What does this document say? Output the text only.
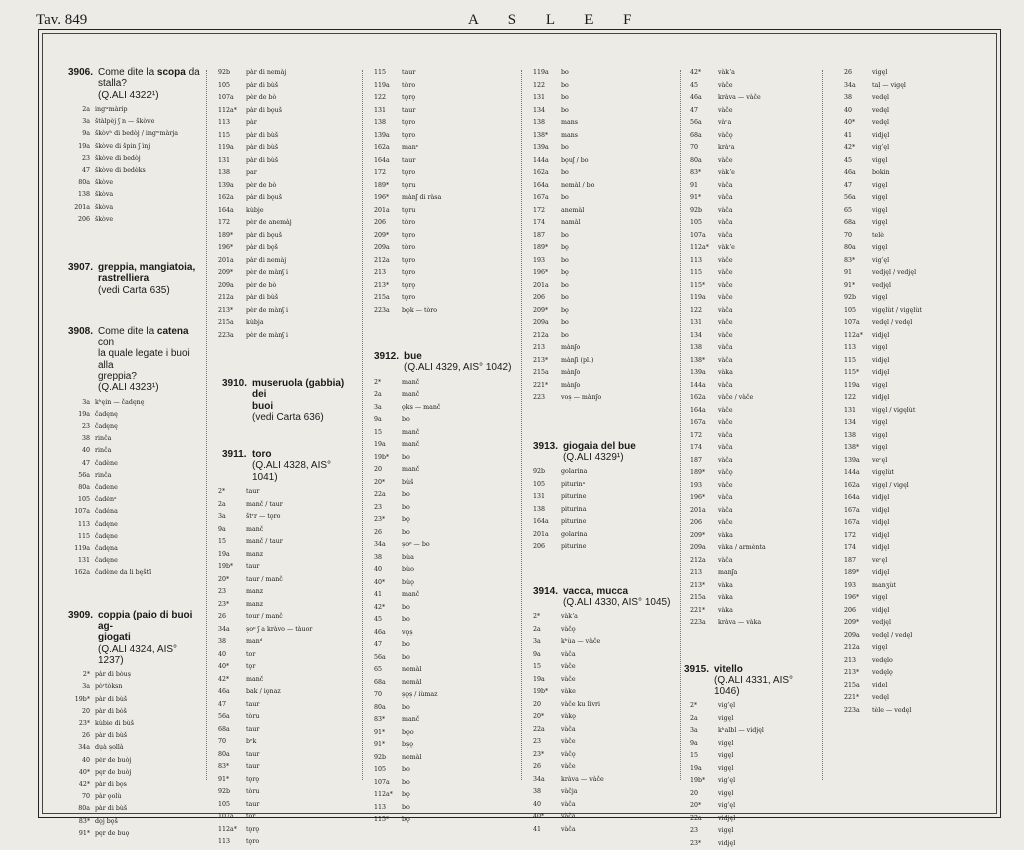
Tav. 849	A S L E F
3906. Come dite la scopa da
stalla?
(Q.ALI 4322¹)
2a ingʷmàrip
3a štàlpèj ʃ n — škòve
9a škòvʰ di bedòj / ingʷmàrja
19a škòve di špin ʃ ìnj
23 škòve di bedòj
47 škòve di bedèks
80a škòve
138 škòva
201a škòva
206 škòve
3907. greppia, mangiatoia,
rastrelliera
(vedi Carta 635)
3908. Come dite la catena con
la quale legate i buoi alla
greppia?
(Q.ALI 4323¹)
3a kʰęin — čadęnę
19a čadęnę
23 čadęnę
38 rinča
40 rinča
47 čadène
56a rinča
80a čadene
105 čadėnᵃ
107a čadéna
113 čadęne
115 čadęne
119a čadęna
131 čadęne
162a čadène da li bęštī
3909. coppia (paio di buoi ag-
giogati
(Q.ALI 4324, AIS° 1237)
2* pàr di bòuṣ
3a pòʳtòksn
19b* pàr di bùš
20 pàr di bòš
23* kùbie di bùš
26 pàr di bùš
34a dụà ṣollà
40 pėr de buòj
40* pęr de buòj
42* pàr di bǫs
70 pàr ǫolù
80a pàr di bùš
83* dǫj bǫš
91* pęr de buǫ
92b	pàr di nemàj
105	pàr di bùš
107a	pèr de bò
112a*	pàr di bǫuš
113	pàr
115	pàr di bùš
119a	pàr di bùš
131	pàr di bùš
138	par
139a	pèr de bò
162a	pàr di bǫuš
164a	kùbje
172	pèr de anemàj
189*	pàr di bǫuš
196*	pàr di bǫš
201a	pàr di nemàj
209*	pèr de mànʃ i
209a	pèr de bò
212a	pàr di bùš
213*	pèr de mànʃ i
215a	kùbja
223a	pèr de mànʃ i
3910. museruola (gabbia) dei
buoi
(vedi Carta 636)
3911. toro
(Q.ALI 4328, AIS° 1041)
2*	taur
2a	manč / taur
3a	štʳr — tǫro
9a	manč
15	manč / taur
19a	manz
19b*	taur
20*	taur / manč
23	manz
23*	manz
26	tour / manč
34a	ṣoᵖ ʃ a kràvo — tàuor
38	manᵈ
40	tor
40*	tǫr
42*	manč
46a	bak / iǫnaz
47	taur
56a	tòru
68a	taur
70	bᵉk
80a	taur
83*	taur
91*	tǫrǫ
92b	tòru
105	taur
107a	tor
112a*	tǫrǫ
113	tǫro
115	taur
119a	tòro
122	tǫrǫ
131	taur
138	tǫro
139a	tǫro
162a	manᵉ
164a	taur
172	tǫro
189*	tǫru
196*	mànʃ di ràsa
201a	tǫru
206	tòro
209*	tǫro
209a	tòro
212a	tǫro
213	tǫro
213*	tǫrǫ
215a	tǫro
223a	bǫk — tòro
3912. bue
(Q.ALI 4329, AIS° 1042)
2*	manč
2a	manč
3a	ǫks — manč
9a	bo
15	manč
19a	manč
19b*	bo
20	manč
20*	bùš
22a	bo
23	bo
23*	bǫ
26	bo
34a	ṣoᵖ — bo
38	bùa
40	bùo
40*	bùǫ
41	manč
42*	bo
45	bo
46a	vǫṣ
47	bo
56a	bo
65	nemàl
68a	nemàl
70	ṣǫṣ / iùmaz
80a	bo
83*	manč
91*	bǫo
91*	bṣǫ
92b	nemàl
105	bo
107a	bo
112a*	bǫ
113	bo
115*	bǫ
119a	bo
122	bo
131	bo
134	bo
138	mans
138*	mans
139a	bo
144a	bǫuʃ / bo
162a	bo
164a	nemàl / bo
167a	bo
172	anemàl
174	namàl
187	bo
189*	bǫ
193	bo
196*	bǫ
201a	bo
206	bo
209*	bǫ
209a	bo
212a	bo
213	mànʃo
213*	mànʃi (pl.)
215a	mànʃo
221*	mànʃo
223	voṣ — mànʃo
3913. giogaia del bue
(Q.ALI 4329¹)
92b	golarina
105	piturinᵃ
131	piturine
138	piturina
164a	piturine
201a	golarina
206	piturine
3914. vacca, mucca
(Q.ALI 4330, AIS° 1045)
2*	vàkʼa
2a	vàčǫ
3a	kʰùa — vàče
9a	vàča
15	vàče
19a	vàče
19b*	vàke
20	vàče ku lìvri
20*	vàkǫ
22a	vàča
23	vàče
23*	vàčǫ
26	vàče
34a	kràva — vàče
38	vàčja
40	vàča
40*	vàča
41	vàča
42*	vàkʼa
45	vàče
46a	kràva — vàče
47	vàče
56a	vàʳa
68a	vàčǫ
70	kràʳa
80a	vàče
83*	vàkʼe
91	vàča
91*	vàča
92b	vàča
105	vàča
107a	vàča
112a*	vàkʼe
113	vàče
115	vàče
115*	vàče
119a	vàče
122	vàča
131	vàče
134	vàče
138	vàča
138*	vàča
139a	vàka
144a	vàča
162a	vàče / vàče
164a	vàče
167a	vàče
172	vàča
174	vàča
187	vàča
189*	vàčǫ
193	vàče
196*	vàča
201a	vàča
206	vàče
209*	vàka
209a	vàka / armènta
212a	vàča
213	manʃa
213*	vàka
215a	vàka
221*	vàka
223a	kràva — vàka
3915. vitello
(Q.ALI 4331, AIS° 1046)
2*	vigʹęl
2a	vigęl
3a	kʰalbl — vidjęl
9a	vigęl
15	vigęl
19a	vigęl
19b*	vigʹęl
20	vigęl
20*	vigʹęl
22a	vidjęl
23	vigęl
23*	vidjęl
26	vigęl
34a	taḷ — vigęl
38	vedęl
40	vedęl
40*	vedęl
41	vidjęl
42*	vigʹęl
45	vigęl
46a	bokin
47	vigęl
56a	vigęl
65	vigęl
68a	vigęl
70	telè
80a	vigęl
83*	vigʹęl
91	vedjęl / vedjęl
91*	vedjęl
92b	vigęl
105	vigęlùt / vigęlùt
107a	vedęl / vedęl
112a*	vidjęl
113	vigęl
115	vidjęl
115*	vidjęl
119a	vigęl
122	vidjęl
131	vigęl / vigęlùt
134	vigęl
138	vigęl
138*	vigęl
139a	veʳęl
144a	vigęlùt
162a	vigęl / vigęl
164a	vidjęl
167a	vidjęl
167a	vidjęl
172	vidjęl
174	vidjęl
187	veʳęl
189*	vidjęl
193	manʒùt
196*	vigęl
206	vidjęl
209*	vedjęl
209a	vedęl / vedęl
212a	vigęl
213	vedęlo
213*	vedęlǫ
215a	videl
221*	vedęl
223a	tèle — vedęl
